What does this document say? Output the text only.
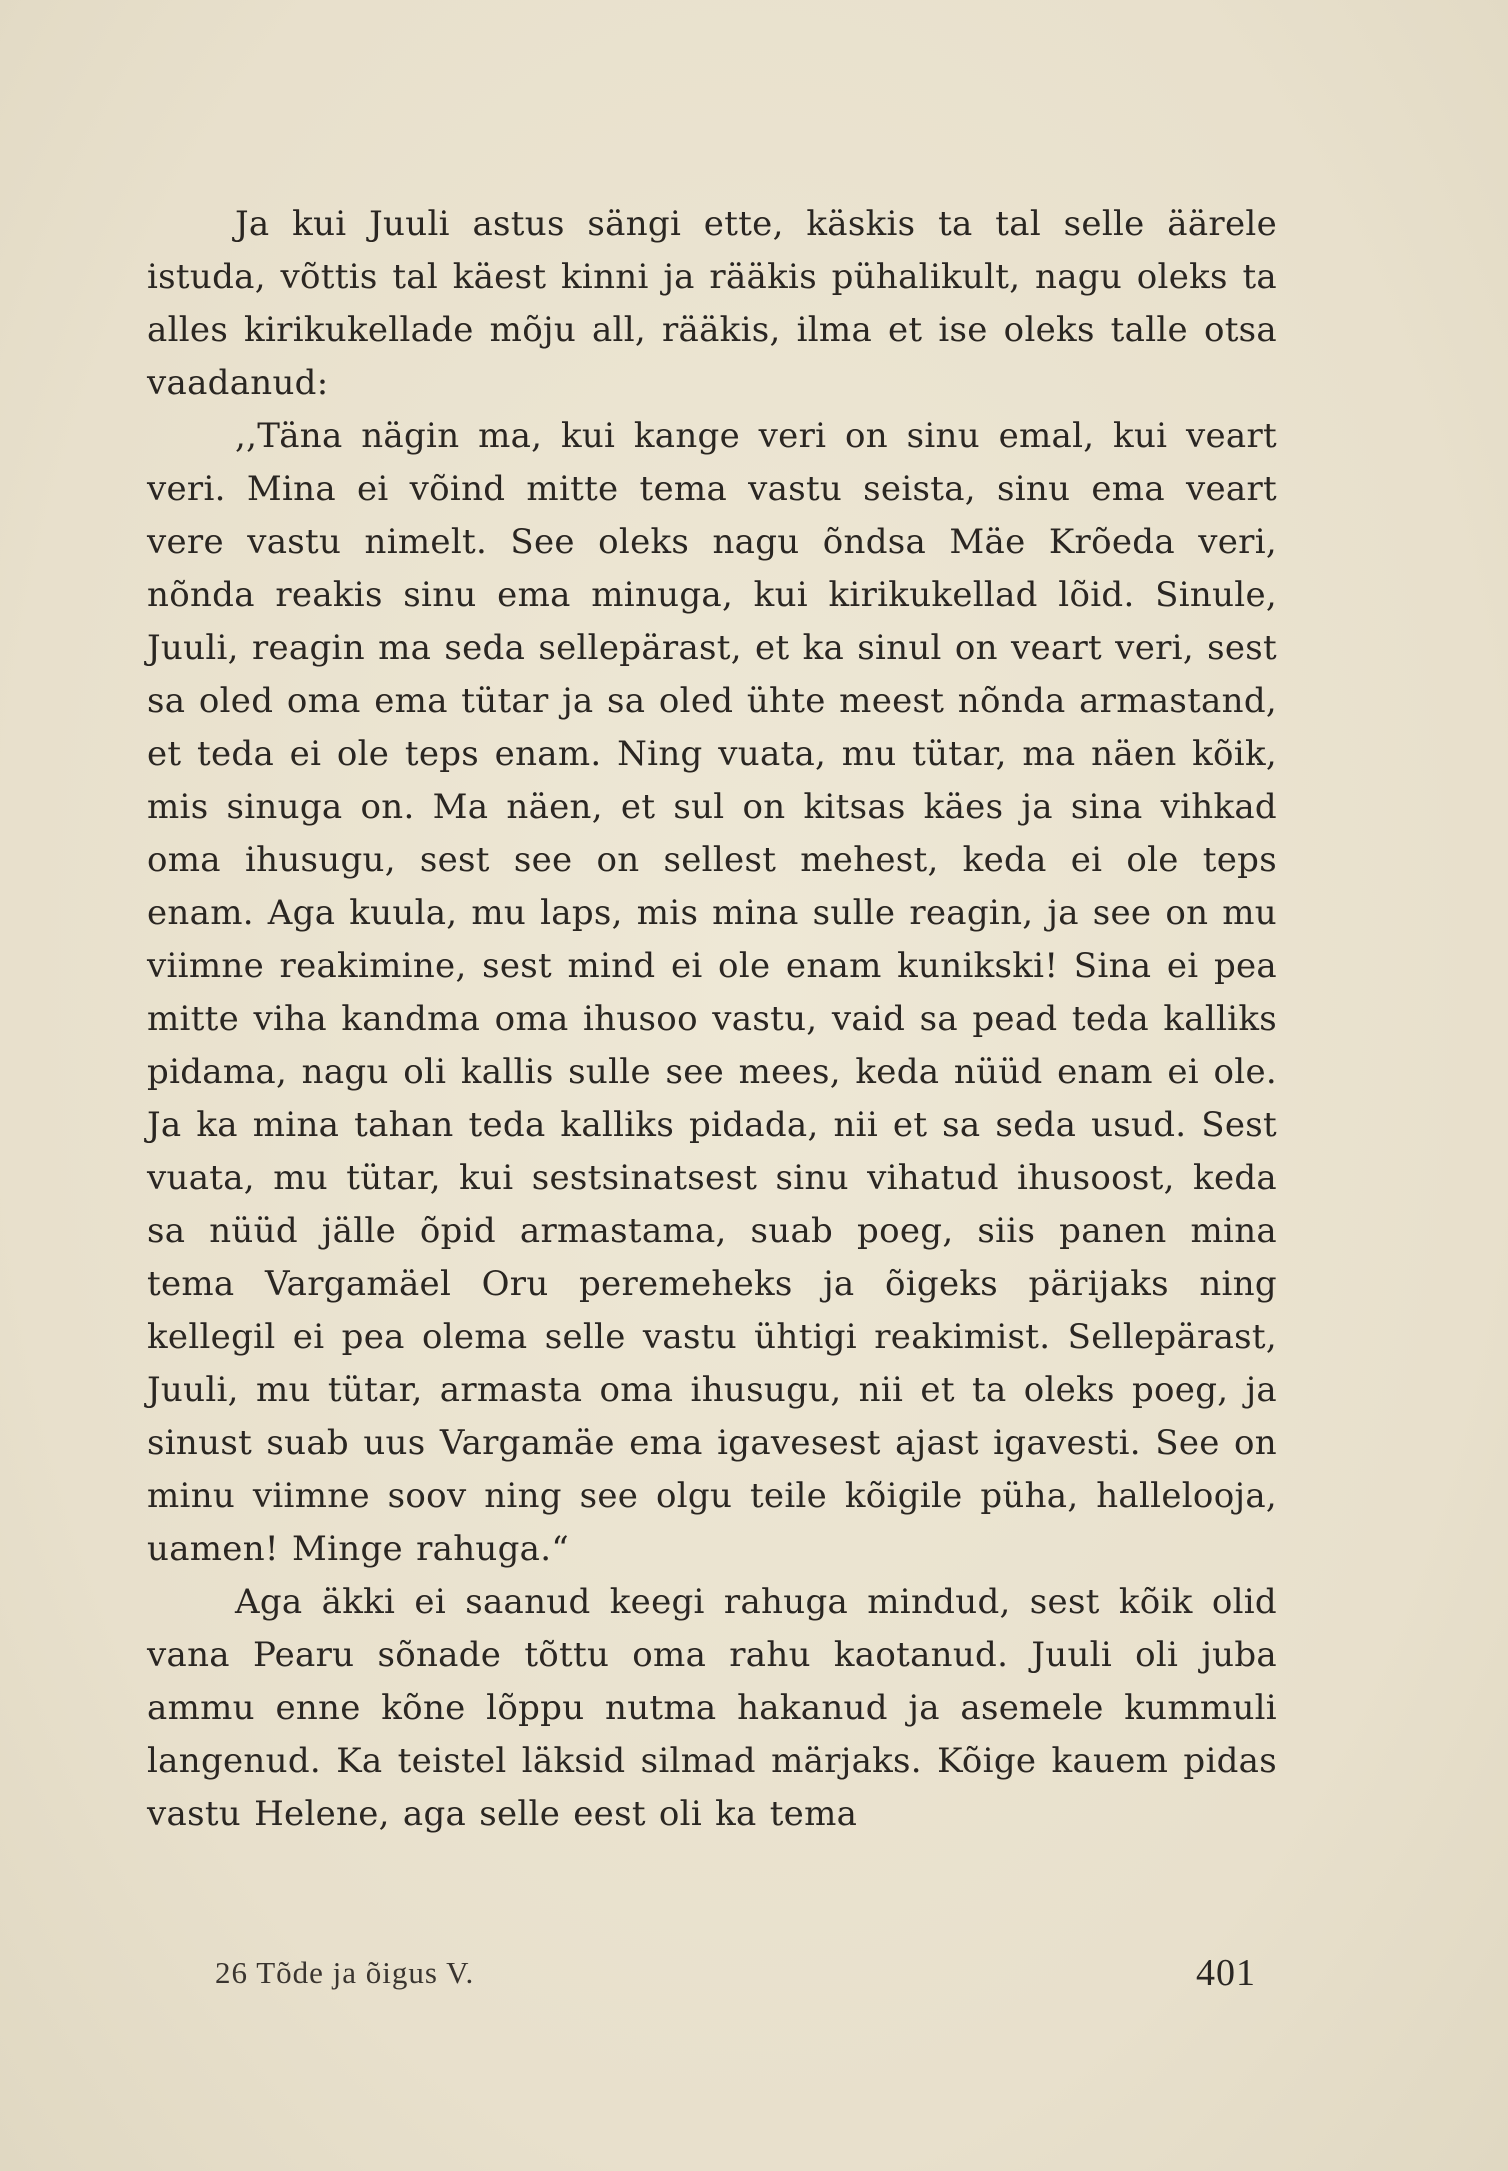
Ja kui Juuli astus sängi ette, käskis ta tal selle äärele istuda, võttis tal käest kinni ja rääkis pühalikult, nagu oleks ta alles kirikukellade mõju all, rääkis, ilma et ise oleks talle otsa vaadanud:

,,Täna nägin ma, kui kange veri on sinu emal, kui veart veri. Mina ei võind mitte tema vastu seista, sinu ema veart vere vastu nimelt. See oleks nagu õndsa Mäe Krõeda veri, nõnda reakis sinu ema minuga, kui kirikukellad lõid. Sinule, Juuli, reagin ma seda sellepärast, et ka sinul on veart veri, sest sa oled oma ema tütar ja sa oled ühte meest nõnda armastand, et teda ei ole teps enam. Ning vuata, mu tütar, ma näen kõik, mis sinuga on. Ma näen, et sul on kitsas käes ja sina vihkad oma ihusugu, sest see on sellest mehest, keda ei ole teps enam. Aga kuula, mu laps, mis mina sulle reagin, ja see on mu viimne reakimine, sest mind ei ole enam kunikski! Sina ei pea mitte viha kandma oma ihusoo vastu, vaid sa pead teda kalliks pidama, nagu oli kallis sulle see mees, keda nüüd enam ei ole. Ja ka mina tahan teda kalliks pidada, nii et sa seda usud. Sest vuata, mu tütar, kui sestsinatsest sinu vihatud ihusoost, keda sa nüüd jälle õpid armastama, suab poeg, siis panen mina tema Vargamäel Oru peremeheks ja õigeks pärijaks ning kellegil ei pea olema selle vastu ühtigi reakimist. Sellepärast, Juuli, mu tütar, armasta oma ihusugu, nii et ta oleks poeg, ja sinust suab uus Vargamäe ema igavesest ajast igavesti. See on minu viimne soov ning see olgu teile kõigile püha, hallelooja, uamen! Minge rahuga.“

Aga äkki ei saanud keegi rahuga mindud, sest kõik olid vana Pearu sõnade tõttu oma rahu kaotanud. Juuli oli juba ammu enne kõne lõppu nutma hakanud ja asemele kummuli langenud. Ka teistel läksid silmad märjaks. Kõige kauem pidas vastu Helene, aga selle eest oli ka tema

26 Tõde ja õigus V.	401
